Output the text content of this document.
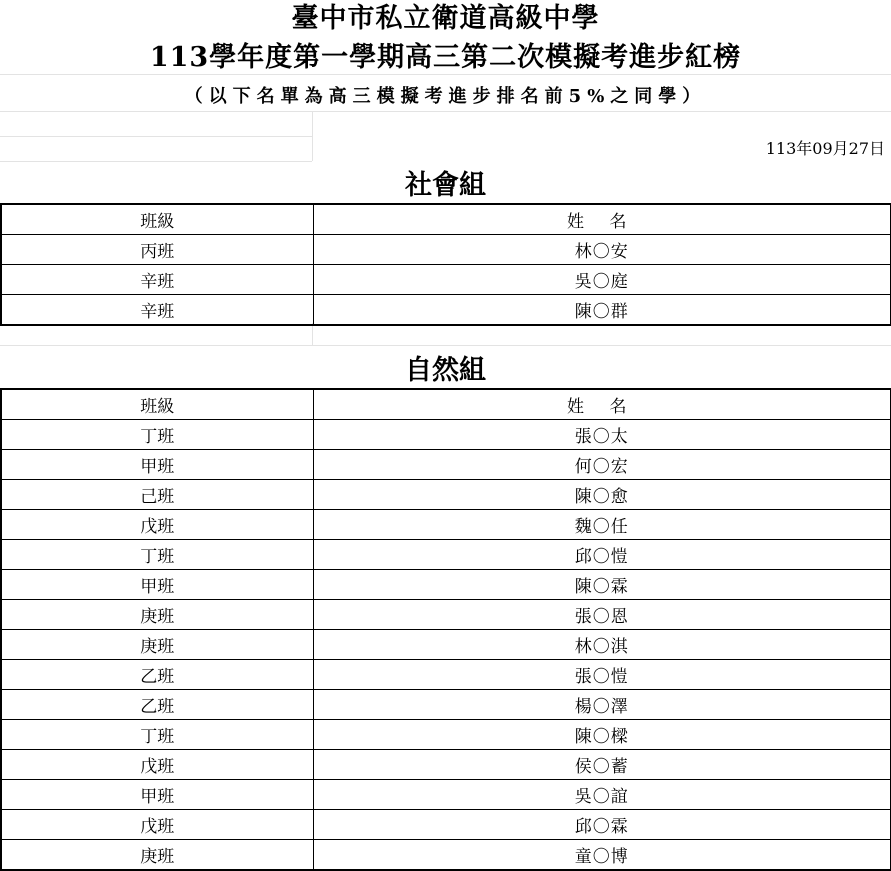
臺中市私立衛道高級中學
113學年度第一學期高三第二次模擬考進步紅榜
（以下名單為高三模擬考進步排名前5%之同學）
113年09月27日
社會組
班級	姓 名
丙班	林〇安
辛班	吳〇庭
辛班	陳〇群
自然組
班級	姓 名
丁班	張〇太
甲班	何〇宏
己班	陳〇愈
戊班	魏〇任
丁班	邱〇愷
甲班	陳〇霖
庚班	張〇恩
庚班	林〇淇
乙班	張〇愷
乙班	楊〇澤
丁班	陳〇樑
戊班	侯〇蓄
甲班	吳〇誼
戊班	邱〇霖
庚班	童〇博
